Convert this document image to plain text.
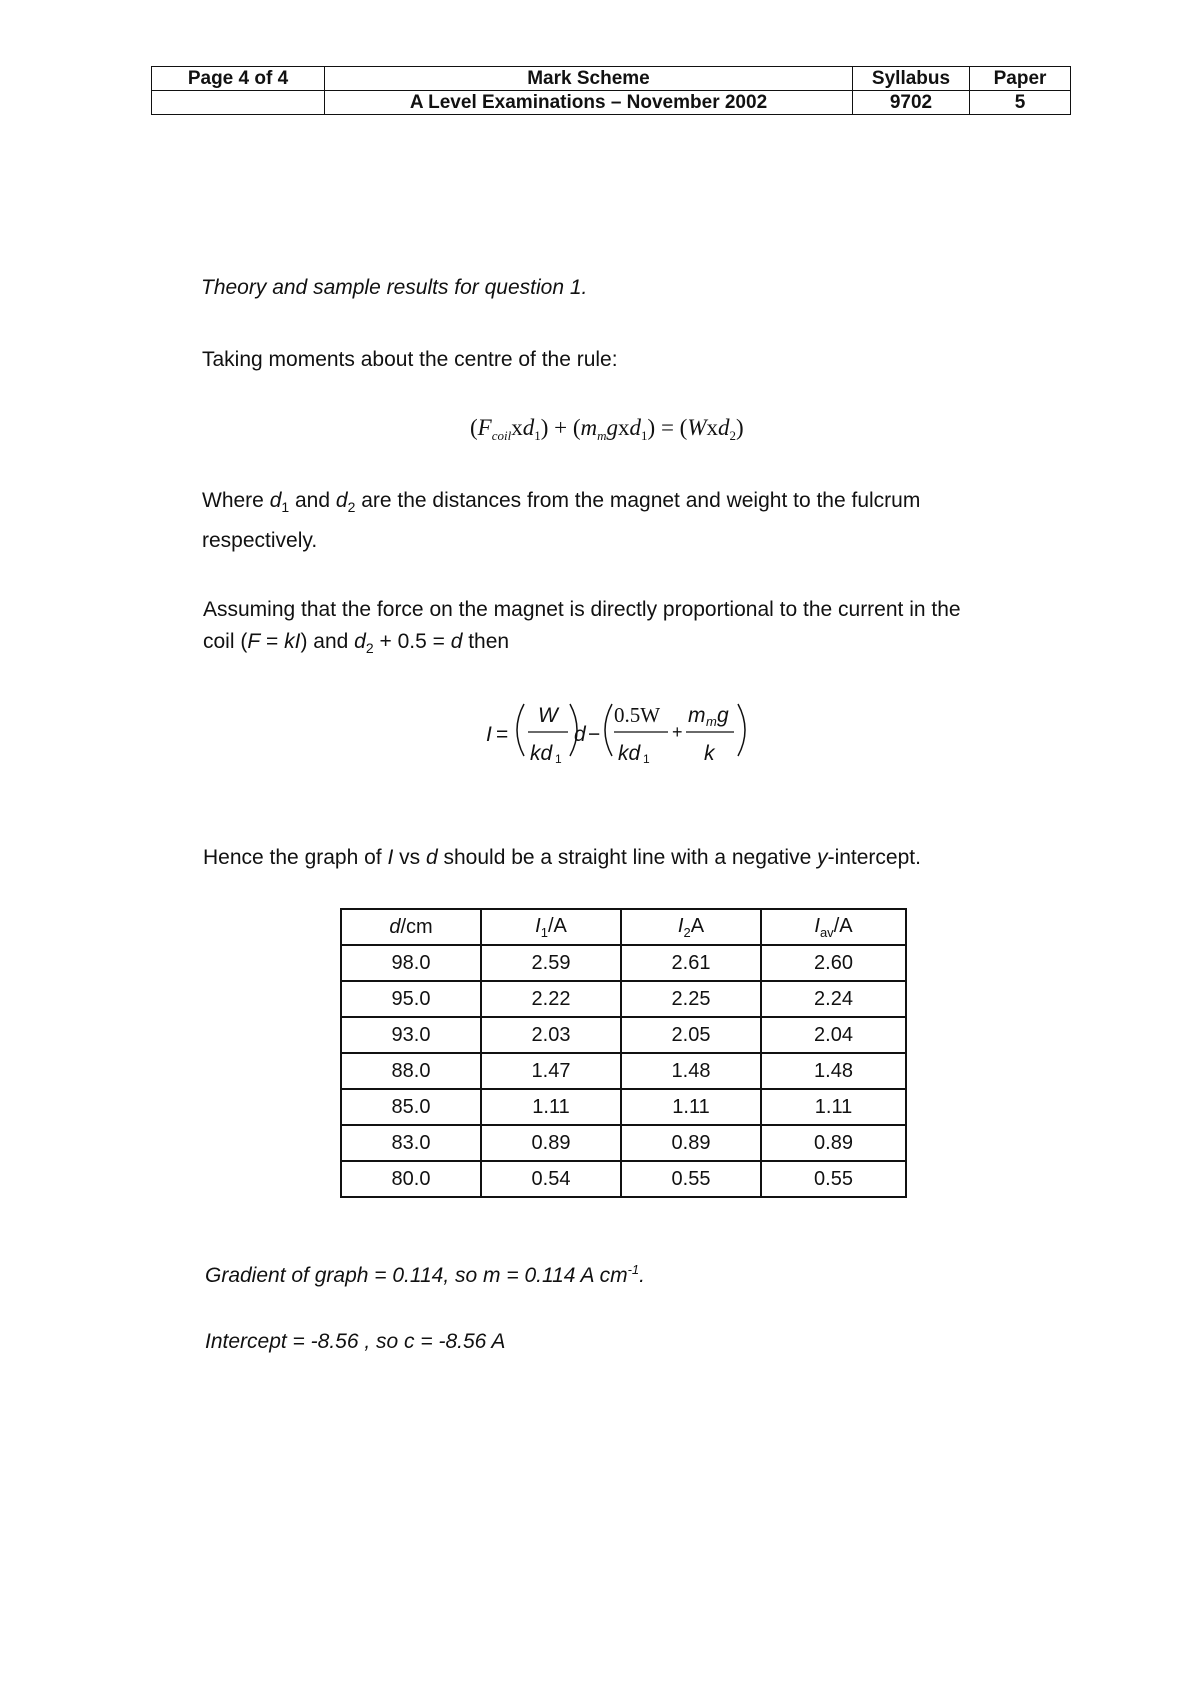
Page 4 of 4	Mark Scheme	Syllabus	Paper
	A Level Examinations – November 2002	9702	5
Theory and sample results for question 1.
Taking moments about the centre of the rule:
$(F_{coil}xd_1) + (m_mgxd_1) = (Wxd_2)$
Where $d_1$ and $d_2$ are the distances from the magnet and weight to the fulcrum
respectively.
Assuming that the force on the magnet is directly proportional to the current in the
coil (F = kI) and $d_2 + 0.5 = d$ then
I =
W
kd 1
d −
0.5W
kd 1
+
m m g
k
Hence the graph of I vs d should be a straight line with a negative y-intercept.
d/cm	$I_1/A$	$I_2A$	$I_{av}/A$
98.0	2.59	2.61	2.60
95.0	2.22	2.25	2.24
93.0	2.03	2.05	2.04
88.0	1.47	1.48	1.48
85.0	1.11	1.11	1.11
83.0	0.89	0.89	0.89
80.0	0.54	0.55	0.55
Gradient of graph = 0.114, so m = 0.114 A $cm^{-1}$.
Intercept = -8.56 , so c = -8.56 A
